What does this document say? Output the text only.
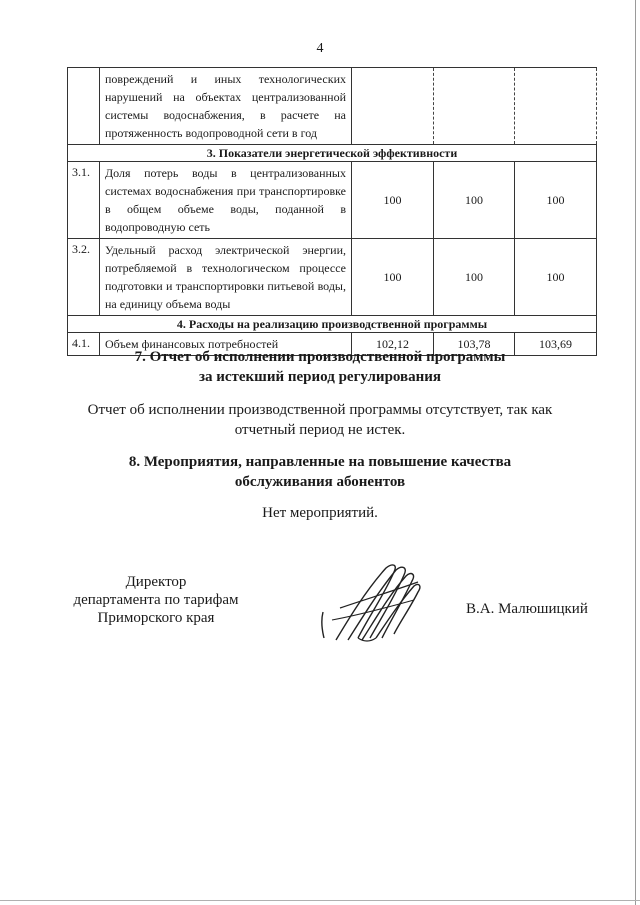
4
	повреждений и иных технологических нарушений на объектах централизованной системы водоснабжения, в расчете на протяженность водопроводной сети в год			
3. Показатели энергетической эффективности				
3.1.	Доля потерь воды в централизованных системах водоснабжения при транспортировке в общем объеме воды, поданной в водопроводную сеть	100	100	100
3.2.	Удельный расход электрической энергии, потребляемой в технологическом процессе подготовки и транспортировки питьевой воды, на единицу объема воды	100	100	100
4. Расходы на реализацию производственной программы				
4.1.	Объем финансовых потребностей	102,12	103,78	103,69
7. Отчет об исполнении производственной программы
за истекший период регулирования
Отчет об исполнении производственной программы отсутствует, так как
отчетный период не истек.
8. Мероприятия, направленные на повышение качества
обслуживания абонентов
Нет мероприятий.
Директор
департамента по тарифам
Приморского края
В.А. Малюшицкий
